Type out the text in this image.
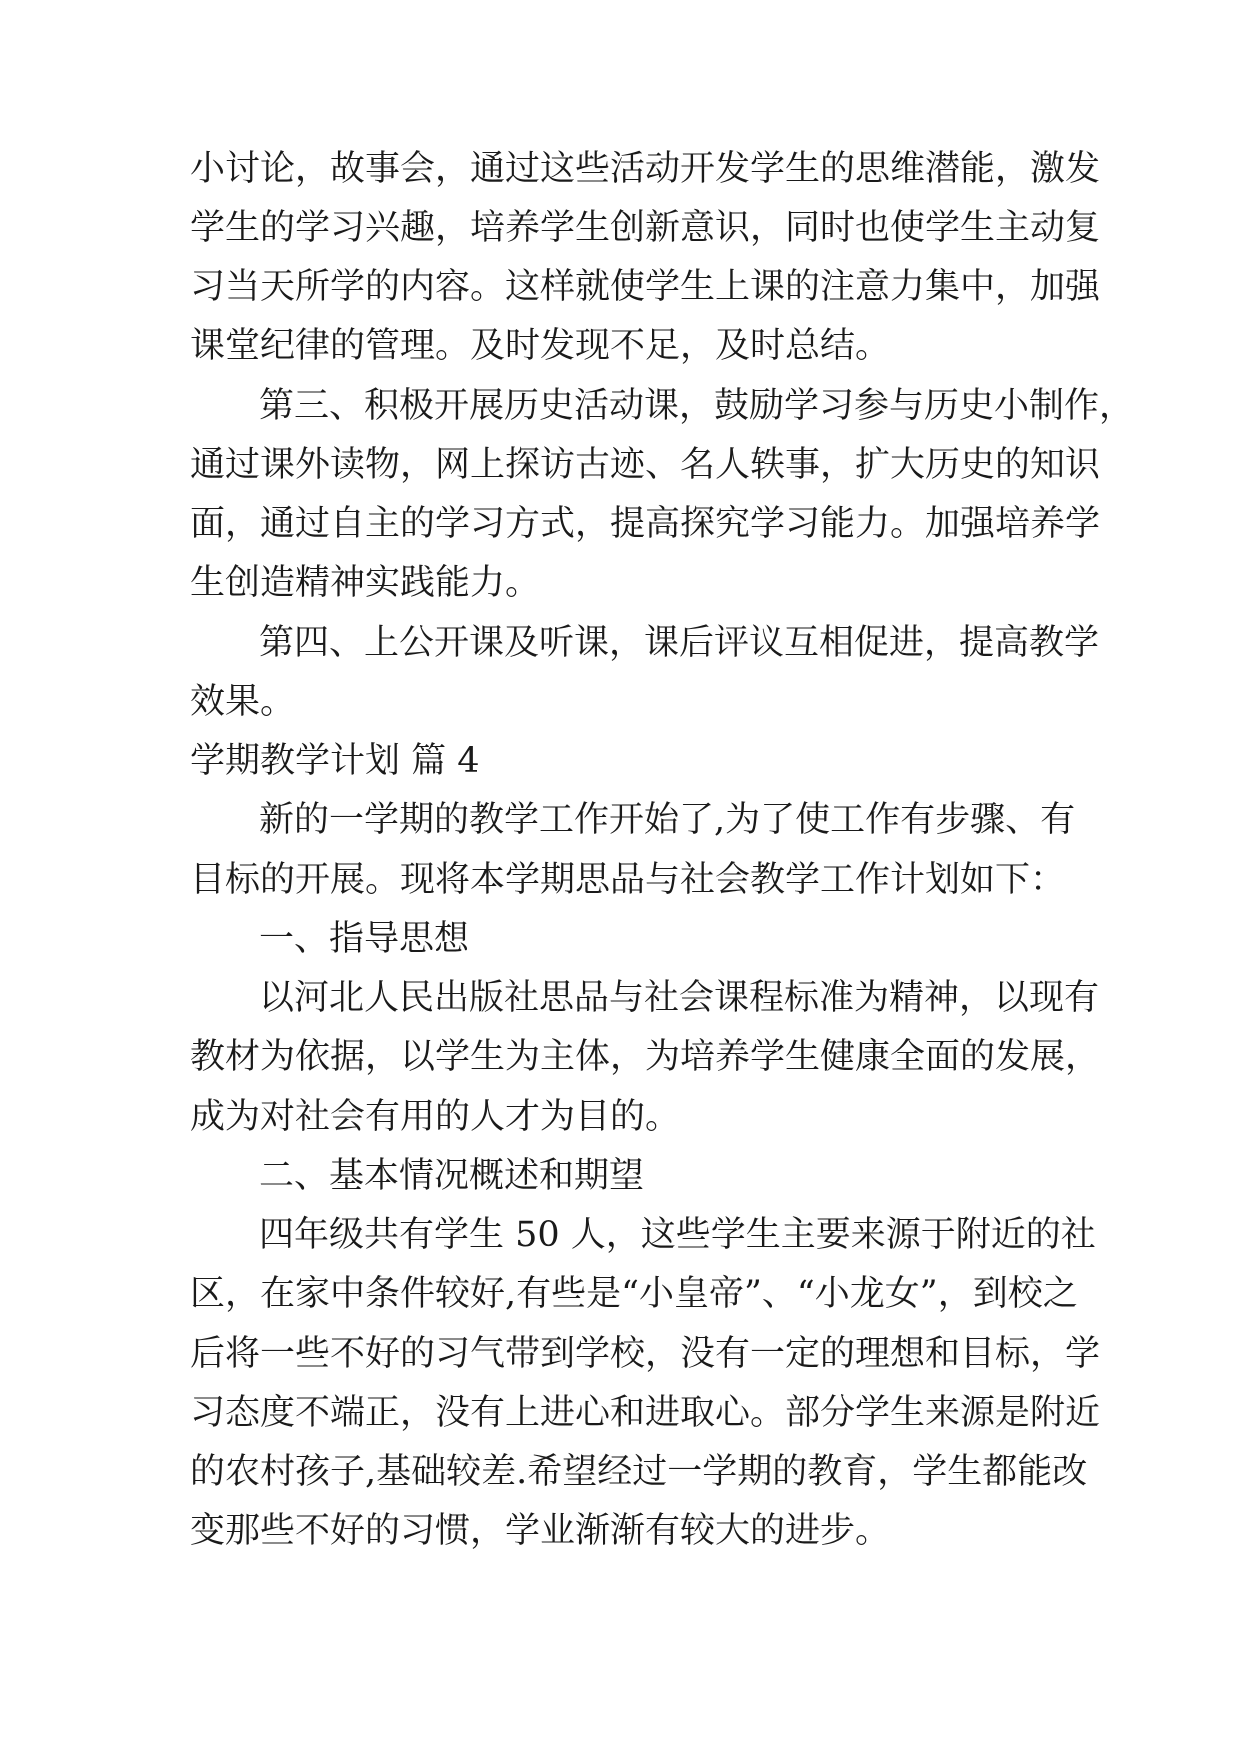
小讨论，故事会，通过这些活动开发学生的思维潜能，激发

学生的学习兴趣，培养学生创新意识，同时也使学生主动复

习当天所学的内容。这样就使学生上课的注意力集中，加强

课堂纪律的管理。及时发现不足，及时总结。

第三、积极开展历史活动课，鼓励学习参与历史小制作，

通过课外读物，网上探访古迹、名人轶事，扩大历史的知识

面，通过自主的学习方式，提高探究学习能力。加强培养学

生创造精神实践能力。

第四、上公开课及听课，课后评议互相促进，提高教学

效果。

学期教学计划 篇 4

新的一学期的教学工作开始了,为了使工作有步骤、有

目标的开展。现将本学期思品与社会教学工作计划如下：

一、指导思想

以河北人民出版社思品与社会课程标准为精神，以现有

教材为依据，以学生为主体，为培养学生健康全面的发展，

成为对社会有用的人才为目的。

二、基本情况概述和期望

四年级共有学生 50 人，这些学生主要来源于附近的社

区，在家中条件较好,有些是“小皇帝”、“小龙女”，到校之

后将一些不好的习气带到学校，没有一定的理想和目标，学

习态度不端正，没有上进心和进取心。部分学生来源是附近

的农村孩子,基础较差.希望经过一学期的教育，学生都能改

变那些不好的习惯，学业渐渐有较大的进步。
